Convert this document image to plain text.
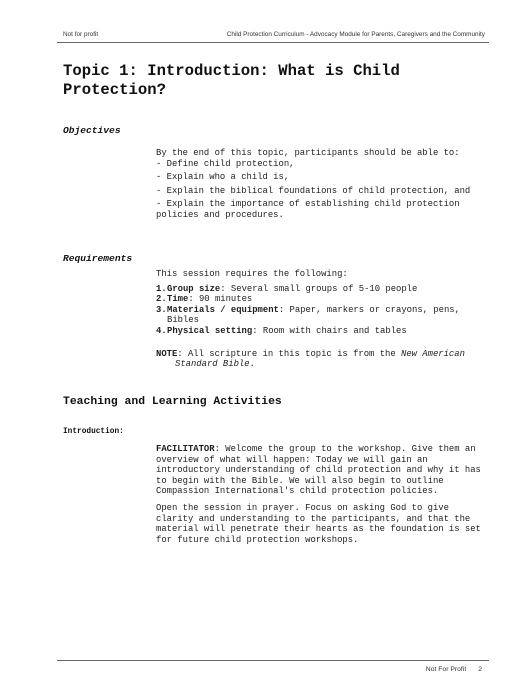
Not for profit	Child Protection Curriculum - Advocacy Module for Parents, Caregivers and the Community
Topic 1: Introduction: What is Child Protection?
Objectives

By the end of this topic, participants should be able to:

- Define child protection,

- Explain who a child is,

- Explain the biblical foundations of child protection, and

- Explain the importance of establishing child protection policies and procedures.

Requirements

This session requires the following:

1. Group size: Several small groups of 5-10 people
2. Time: 90 minutes
3. Materials / equipment: Paper, markers or crayons, pens, Bibles
4. Physical setting: Room with chairs and tables

NOTE: All scripture in this topic is from the New American Standard Bible.

Teaching and Learning Activities
Introduction:

FACILITATOR: Welcome the group to the workshop. Give them an overview of what will happen: Today we will gain an introductory understanding of child protection and why it has to begin with the Bible. We will also begin to outline Compassion International's child protection policies.

Open the session in prayer. Focus on asking God to give clarity and understanding to the participants, and that the material will penetrate their hearts as the foundation is set for future child protection workshops.

Not For Profit 2
